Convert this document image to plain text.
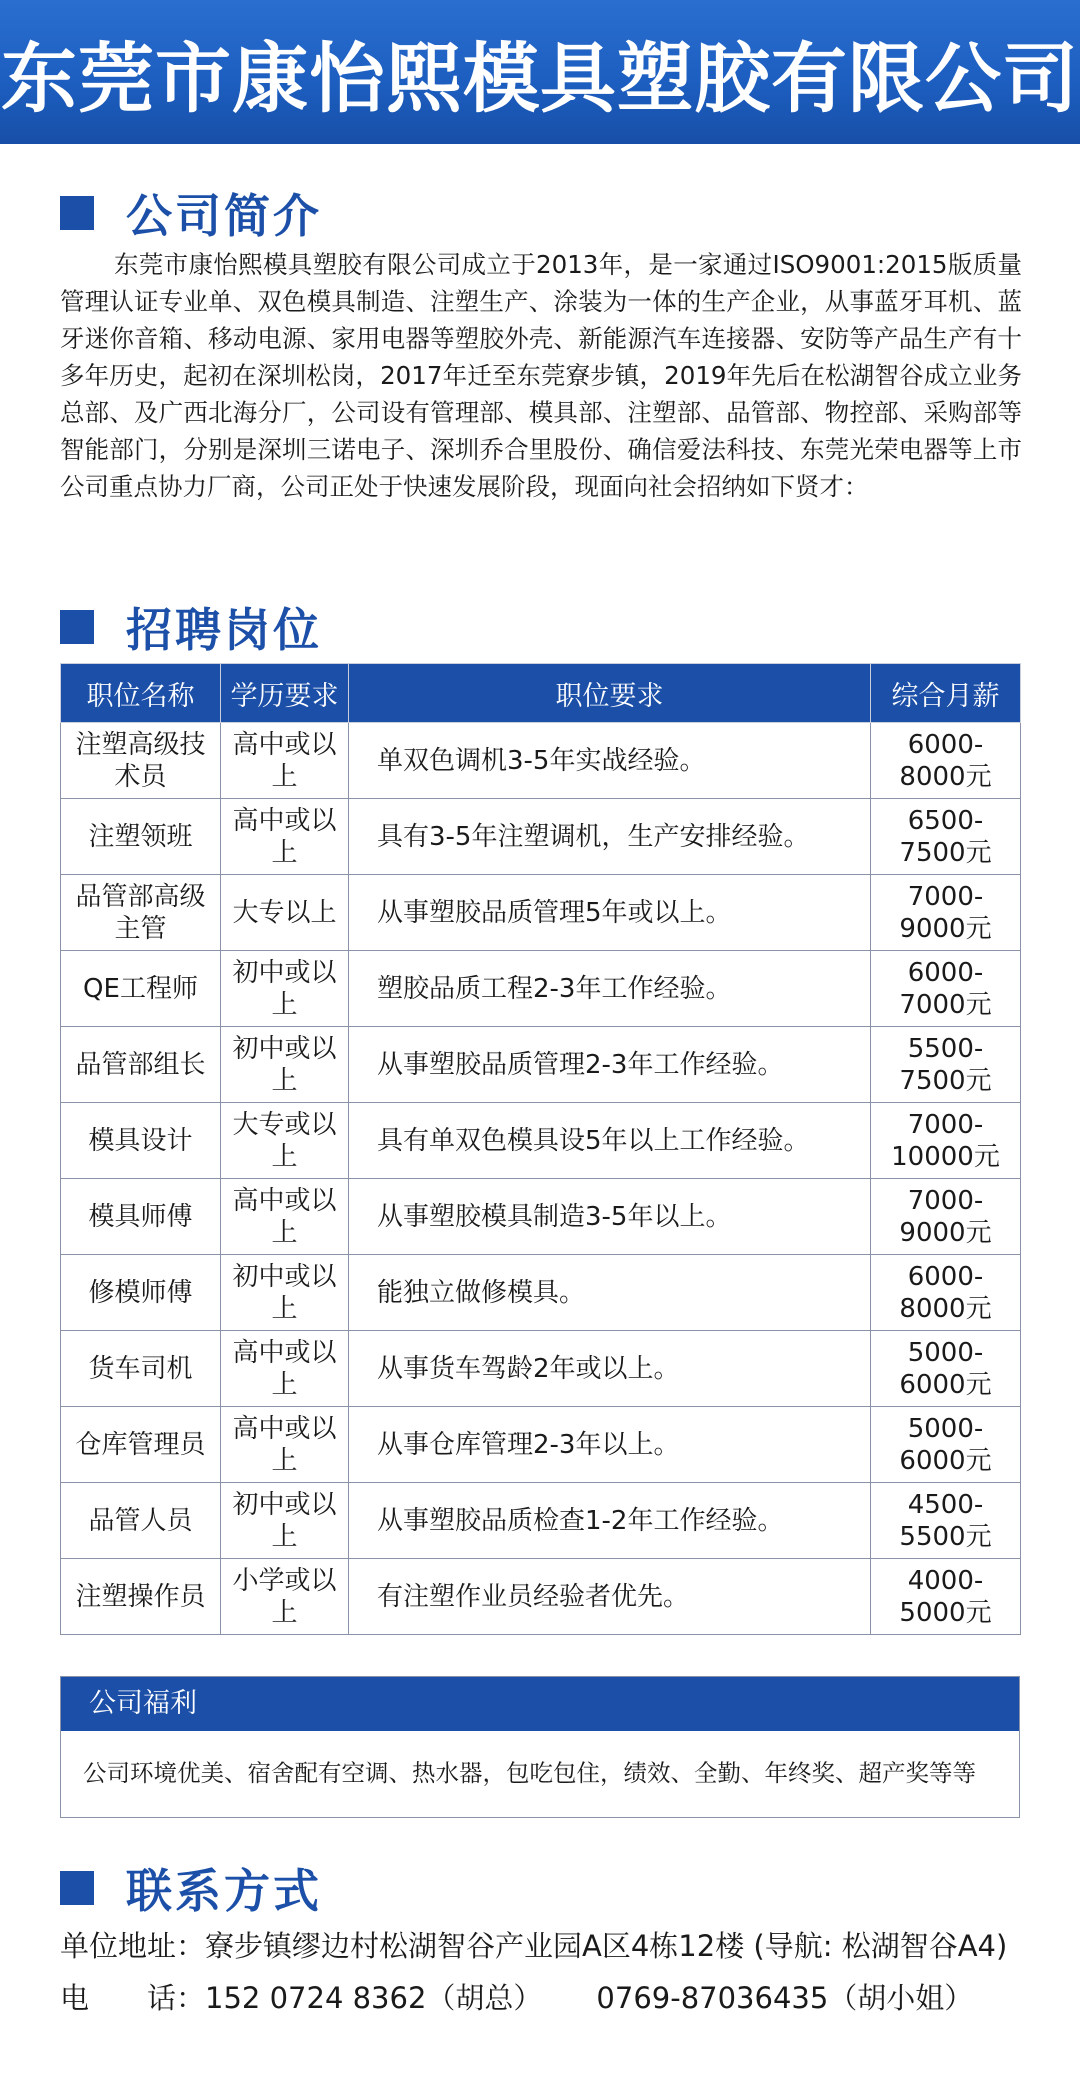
东莞市康怡熙模具塑胶有限公司
公司简介

东莞市康怡熙模具塑胶有限公司成立于2013年，是一家通过ISO9001:2015版质量管理认证专业单、双色模具制造、注塑生产、涂装为一体的生产企业，从事蓝牙耳机、蓝牙迷你音箱、移动电源、家用电器等塑胶外壳、新能源汽车连接器、安防等产品生产有十多年历史，起初在深圳松岗，2017年迁至东莞寮步镇，2019年先后在松湖智谷成立业务总部、及广西北海分厂，公司设有管理部、模具部、注塑部、品管部、物控部、采购部等智能部门，分别是深圳三诺电子、深圳乔合里股份、确信爱法科技、东莞光荣电器等上市公司重点协力厂商，公司正处于快速发展阶段，现面向社会招纳如下贤才：

招聘岗位
职位名称	学历要求	职位要求	综合月薪
注塑高级技术员	高中或以上	单双色调机3-5年实战经验。	6000-8000元
注塑领班	高中或以上	具有3-5年注塑调机，生产安排经验。	6500-7500元
品管部高级主管	大专以上	从事塑胶品质管理5年或以上。	7000-9000元
QE工程师	初中或以上	塑胶品质工程2-3年工作经验。	6000-7000元
品管部组长	初中或以上	从事塑胶品质管理2-3年工作经验。	5500-7500元
模具设计	大专或以上	具有单双色模具设5年以上工作经验。	7000-10000元
模具师傅	高中或以上	从事塑胶模具制造3-5年以上。	7000-9000元
修模师傅	初中或以上	能独立做修模具。	6000-8000元
货车司机	高中或以上	从事货车驾龄2年或以上。	5000-6000元
仓库管理员	高中或以上	从事仓库管理2-3年以上。	5000-6000元
品管人员	初中或以上	从事塑胶品质检查1-2年工作经验。	4500-5500元
注塑操作员	小学或以上	有注塑作业员经验者优先。	4000-5000元
公司福利
公司环境优美、宿舍配有空调、热水器，包吃包住，绩效、全勤、年终奖、超产奖等等
联系方式
单位地址：寮步镇缪边村松湖智谷产业园A区4栋12楼 (导航: 松湖智谷A4)
电　　话：152 0724 8362（胡总） 0769-87036435（胡小姐）
